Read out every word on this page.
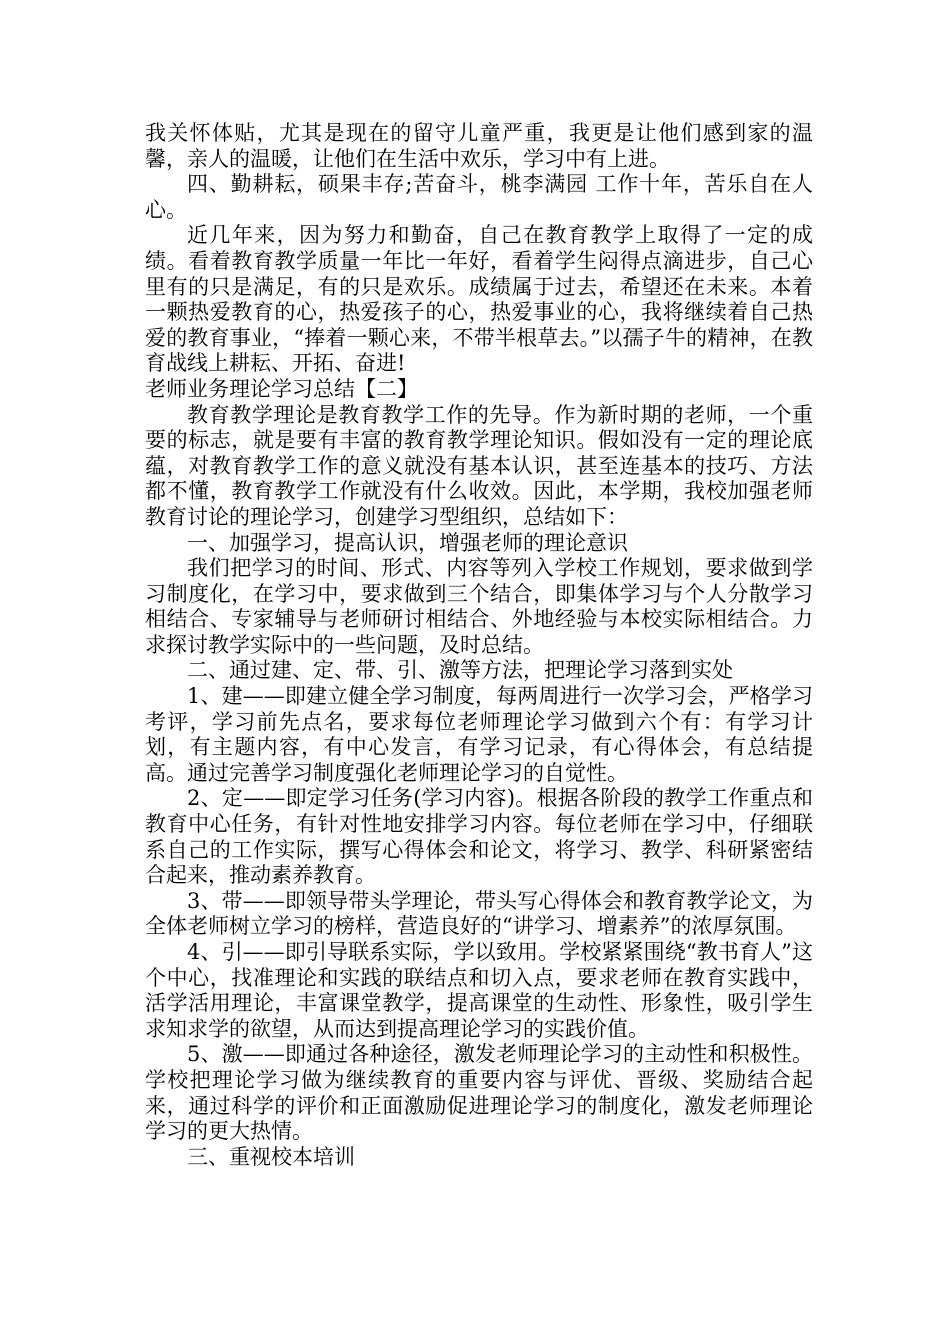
我关怀体贴，尤其是现在的留守儿童严重，我更是让他们感到家的温馨，亲人的温暖，让他们在生活中欢乐，学习中有上进。

四、勤耕耘，硕果丰存;苦奋斗，桃李满园 工作十年，苦乐自在人心。

近几年来，因为努力和勤奋，自己在教育教学上取得了一定的成绩。看着教育教学质量一年比一年好，看着学生闷得点滴进步，自己心里有的只是满足，有的只是欢乐。成绩属于过去，希望还在未来。本着一颗热爱教育的心，热爱孩子的心，热爱事业的心，我将继续着自己热爱的教育事业，“捧着一颗心来，不带半根草去。”以孺子牛的精神，在教育战线上耕耘、开拓、奋进!

老师业务理论学习总结【二】

教育教学理论是教育教学工作的先导。作为新时期的老师，一个重要的标志，就是要有丰富的教育教学理论知识。假如没有一定的理论底蕴，对教育教学工作的意义就没有基本认识，甚至连基本的技巧、方法都不懂，教育教学工作就没有什么收效。因此，本学期，我校加强老师教育讨论的理论学习，创建学习型组织，总结如下：

一、加强学习，提高认识，增强老师的理论意识

我们把学习的时间、形式、内容等列入学校工作规划，要求做到学习制度化，在学习中，要求做到三个结合，即集体学习与个人分散学习相结合、专家辅导与老师研讨相结合、外地经验与本校实际相结合。力求探讨教学实际中的一些问题，及时总结。

二、通过建、定、带、引、激等方法，把理论学习落到实处

1、建——即建立健全学习制度，每两周进行一次学习会，严格学习考评，学习前先点名，要求每位老师理论学习做到六个有：有学习计划，有主题内容，有中心发言，有学习记录，有心得体会，有总结提高。通过完善学习制度强化老师理论学习的自觉性。

2、定——即定学习任务(学习内容)。根据各阶段的教学工作重点和教育中心任务，有针对性地安排学习内容。每位老师在学习中，仔细联系自己的工作实际，撰写心得体会和论文，将学习、教学、科研紧密结合起来，推动素养教育。

3、带——即领导带头学理论，带头写心得体会和教育教学论文，为全体老师树立学习的榜样，营造良好的“讲学习、增素养”的浓厚氛围。

4、引——即引导联系实际，学以致用。学校紧紧围绕“教书育人”这个中心，找准理论和实践的联结点和切入点，要求老师在教育实践中，活学活用理论，丰富课堂教学，提高课堂的生动性、形象性，吸引学生求知求学的欲望，从而达到提高理论学习的实践价值。

5、激——即通过各种途径，激发老师理论学习的主动性和积极性。学校把理论学习做为继续教育的重要内容与评优、晋级、奖励结合起来，通过科学的评价和正面激励促进理论学习的制度化，激发老师理论学习的更大热情。

三、重视校本培训
